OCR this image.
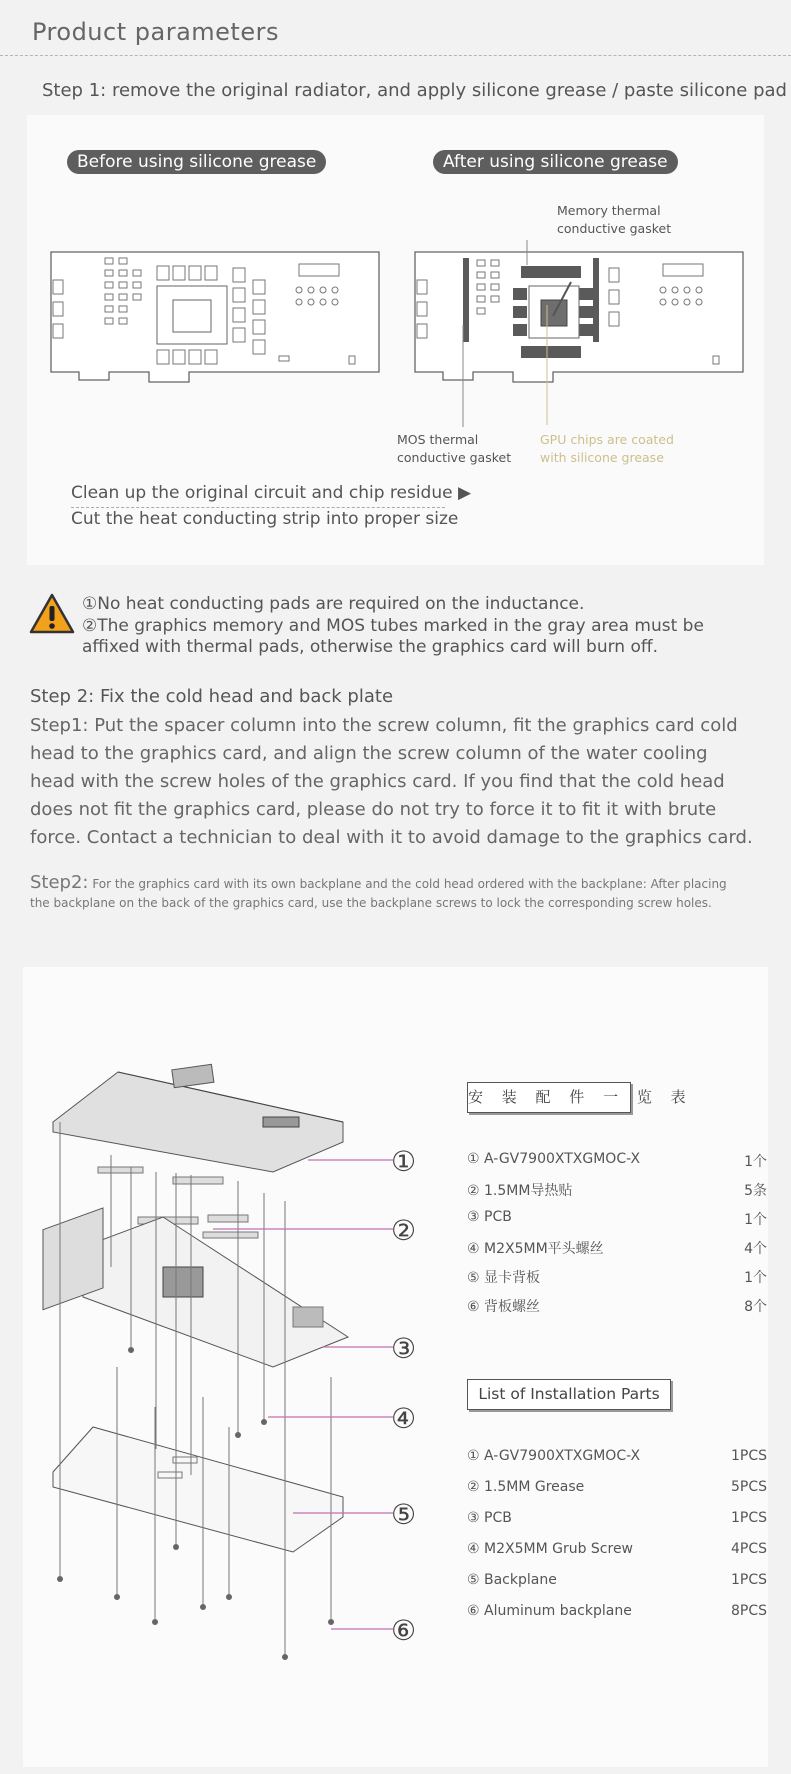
Product parameters
Step 1: remove the original radiator, and apply silicone grease / paste silicone pad
Before using silicone grease	After using silicone grease
Memory thermal conductive gasket
MOS thermal conductive gasket
GPU chips are coated with silicone grease
Clean up the original circuit and chip residue ▶
Cut the heat conducting strip into proper size
①No heat conducting pads are required on the inductance.
②The graphics memory and MOS tubes marked in the gray area must be affixed with thermal pads, otherwise the graphics card will burn off.
Step 2: Fix the cold head and back plate
Step1: Put the spacer column into the screw column, fit the graphics card cold head to the graphics card, and align the screw column of the water cooling head with the screw holes of the graphics card. If you find that the cold head does not fit the graphics card, please do not try to force it to fit it with brute force. Contact a technician to deal with it to avoid damage to the graphics card.
Step2: For the graphics card with its own backplane and the cold head ordered with the backplane: After placing the backplane on the back of the graphics card, use the backplane screws to lock the corresponding screw holes.
①
②
③
④
⑤
⑥
安 装 配 件 一 览 表
① A-GV7900XTXGMOC-X	1个
② 1.5MM导热贴	5条
③ PCB	1个
④ M2X5MM平头螺丝	4个
⑤ 显卡背板	1个
⑥ 背板螺丝	8个
List of Installation Parts
① A-GV7900XTXGMOC-X	1PCS
② 1.5MM Grease	5PCS
③ PCB	1PCS
④ M2X5MM Grub Screw	4PCS
⑤ Backplane	1PCS
⑥ Aluminum backplane	8PCS
